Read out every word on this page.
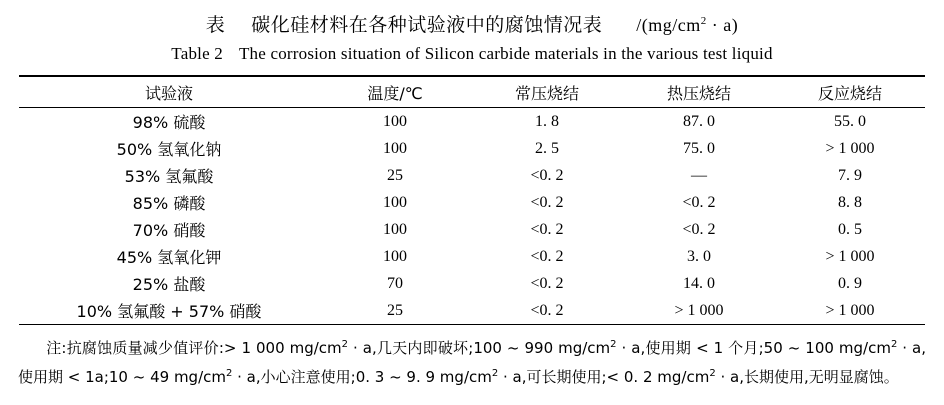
表 碳化硅材料在各种试验液中的腐蚀情况表 $/(mg/cm^2 \cdot a)$
Table 2 The corrosion situation of Silicon carbide materials in the various test liquid
试验液	温度/℃	常压烧结	热压烧结	反应烧结
98% 硫酸	100	1. 8	87. 0	55. 0
50% 氢氧化钠	100	2. 5	75. 0	> 1 000
53% 氢氟酸	25	<0. 2	—	7. 9
85% 磷酸	100	<0. 2	<0. 2	8. 8
70% 硝酸	100	<0. 2	<0. 2	0. 5
45% 氢氧化钾	100	<0. 2	3. 0	> 1 000
25% 盐酸	70	<0. 2	14. 0	0. 9
10% 氢氟酸 + 57% 硝酸	25	<0. 2	> 1 000	> 1 000

注:抗腐蚀质量减少值评价:> 1 000 $mg/cm^2 \cdot a$,几天内即破坏;100 ~ 990 $mg/cm^2 \cdot a$,使用期 < 1 个月;50 ~ 100 $mg/cm^2 \cdot a$,使用期 < 1a;10 ~ 49 $mg/cm^2 \cdot a$,小心注意使用;0. 3 ~ 9. 9 $mg/cm^2 \cdot a$,可长期使用;< 0. 2 $mg/cm^2 \cdot a$,长期使用,无明显腐蚀。
